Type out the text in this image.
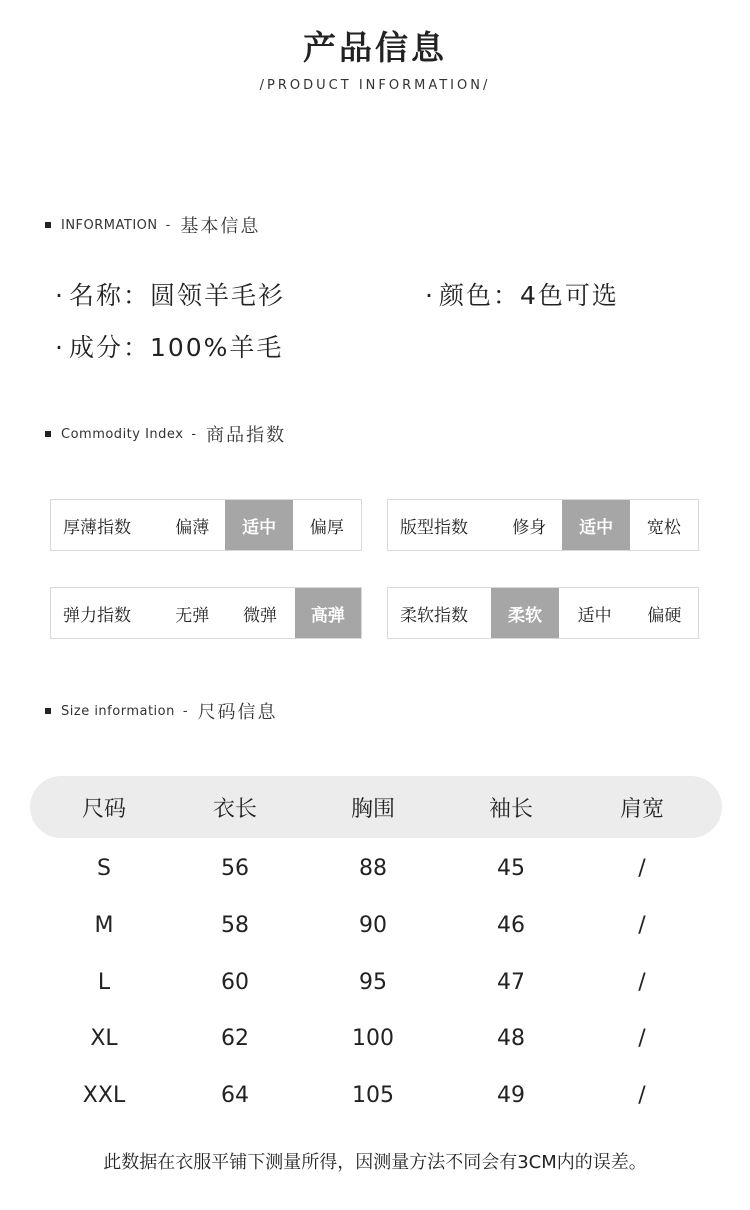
产品信息
/PRODUCT INFORMATION/
INFORMATION - 基本信息
· 名称：圆领羊毛衫	· 颜色：4色可选
· 成分：100%羊毛
Commodity Index - 商品指数
厚薄指数	偏薄	适中	偏厚	版型指数	修身	适中	宽松
弹力指数	无弹	微弹	高弹	柔软指数	柔软	适中	偏硬
Size information - 尺码信息
尺码	衣长	胸围	袖长	肩宽
S	56	88	45	/
M	58	90	46	/
L	60	95	47	/
XL	62	100	48	/
XXL	64	105	49	/
此数据在衣服平铺下测量所得，因测量方法不同会有3CM内的误差。
